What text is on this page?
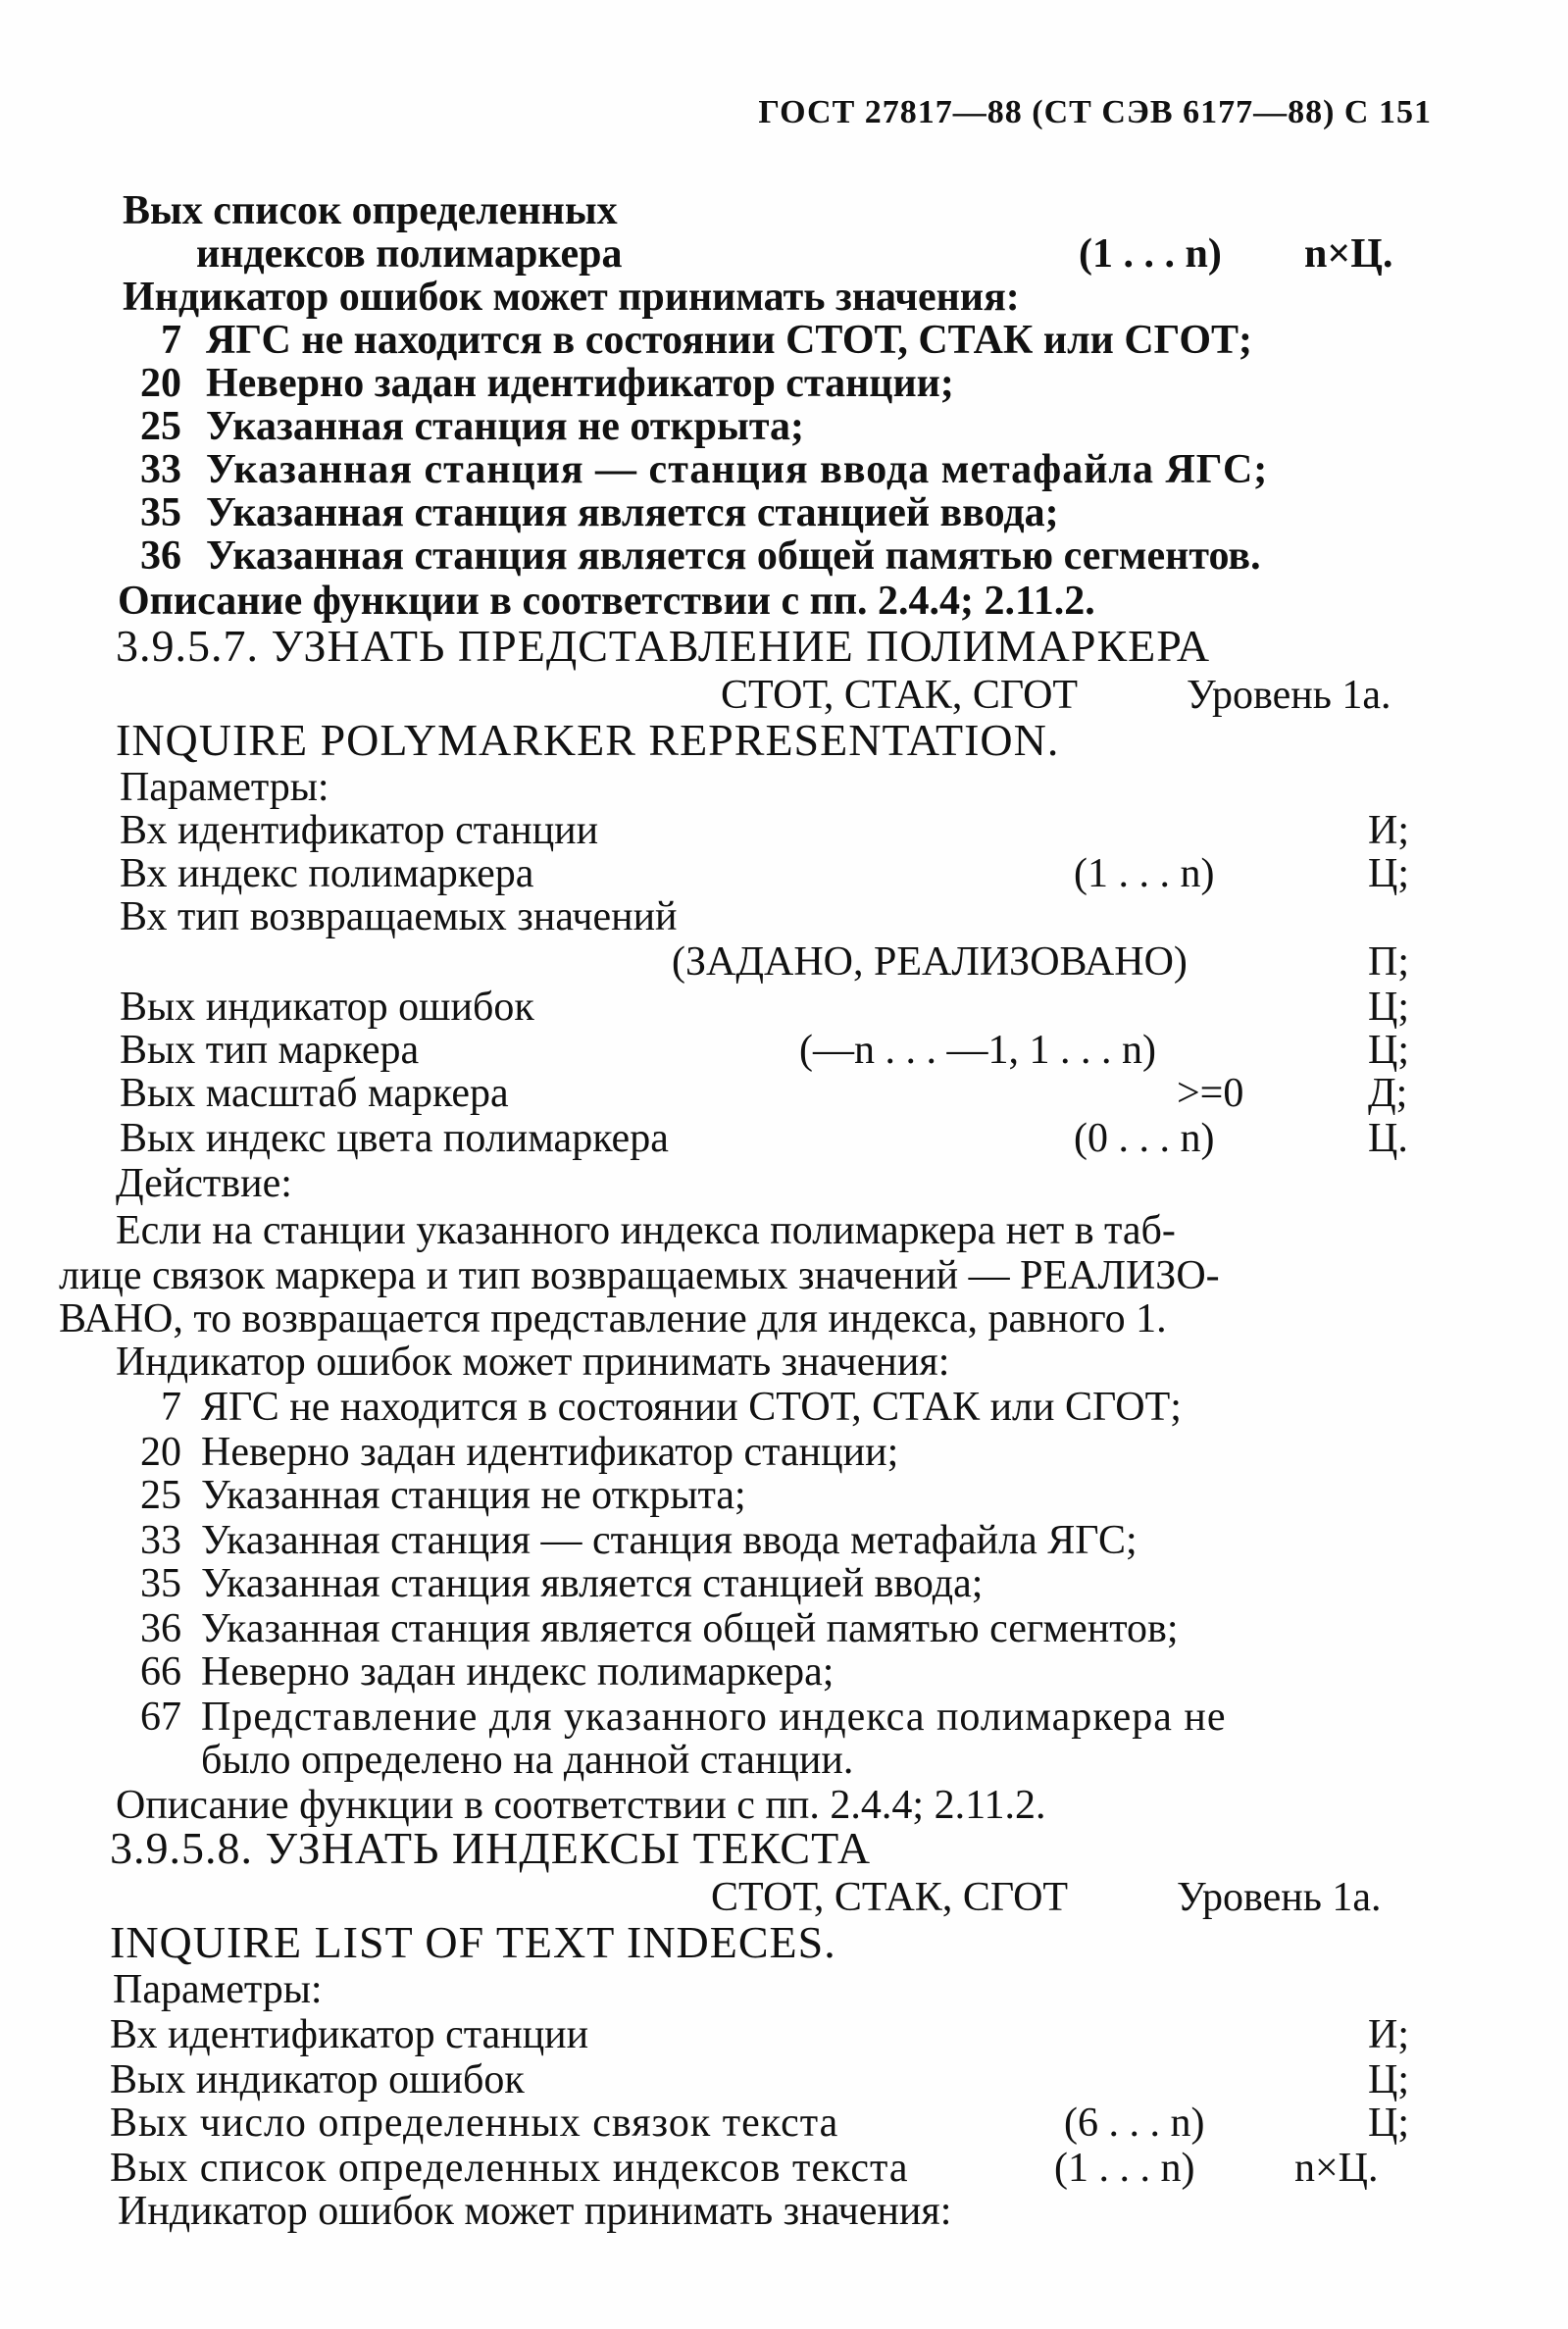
ГОСТ 27817—88 (СТ СЭВ 6177—88) С 151
Вых список определенных
индексов полимаркера	(1 . . . n) n×Ц.
Индикатор ошибок может принимать значения:
7 ЯГС не находится в состоянии СТОТ, СТАК или СГОТ;
20 Неверно задан идентификатор станции;
25 Указанная станция не открыта;
33 Указанная станция — станция ввода метафайла ЯГС;
35 Указанная станция является станцией ввода;
36 Указанная станция является общей памятью сегментов.
Описание функции в соответствии с пп. 2.4.4; 2.11.2.
3.9.5.7. УЗНАТЬ ПРЕДСТАВЛЕНИЕ ПОЛИМАРКЕРА
СТОТ, СТАК, СГОТ	Уровень 1а.
INQUIRE POLYMARKER REPRESENTATION.
Параметры:
Вх идентификатор станции	И;
Вх индекс полимаркера	(1 . . . n)	Ц;
Вх тип возвращаемых значений
(ЗАДАНО, РЕАЛИЗОВАНО)	П;
Вых индикатор ошибок	Ц;
Вых тип маркера	(—n . . . —1, 1 . . . n)	Ц;
Вых масштаб маркера	>=0	Д;
Вых индекс цвета полимаркера	(0 . . . n)	Ц.
Действие:
Если на станции указанного индекса полимаркера нет в таб-
лице связок маркера и тип возвращаемых значений — РЕАЛИЗО-
ВАНО, то возвращается представление для индекса, равного 1.
Индикатор ошибок может принимать значения:
7 ЯГС не находится в состоянии СТОТ, СТАК или СГОТ;
20 Неверно задан идентификатор станции;
25 Указанная станция не открыта;
33 Указанная станция — станция ввода метафайла ЯГС;
35 Указанная станция является станцией ввода;
36 Указанная станция является общей памятью сегментов;
66 Неверно задан индекс полимаркера;
67 Представление для указанного индекса полимаркера не
было определено на данной станции.
Описание функции в соответствии с пп. 2.4.4; 2.11.2.
3.9.5.8. УЗНАТЬ ИНДЕКСЫ ТЕКСТА
СТОТ, СТАК, СГОТ	Уровень 1а.
INQUIRE LIST OF TEXT INDECES.
Параметры:
Вх идентификатор станции	И;
Вых индикатор ошибок	Ц;
Вых число определенных связок текста	(6 . . . n)	Ц;
Вых список определенных индексов текста	(1 . . . n) n×Ц.
Индикатор ошибок может принимать значения:
